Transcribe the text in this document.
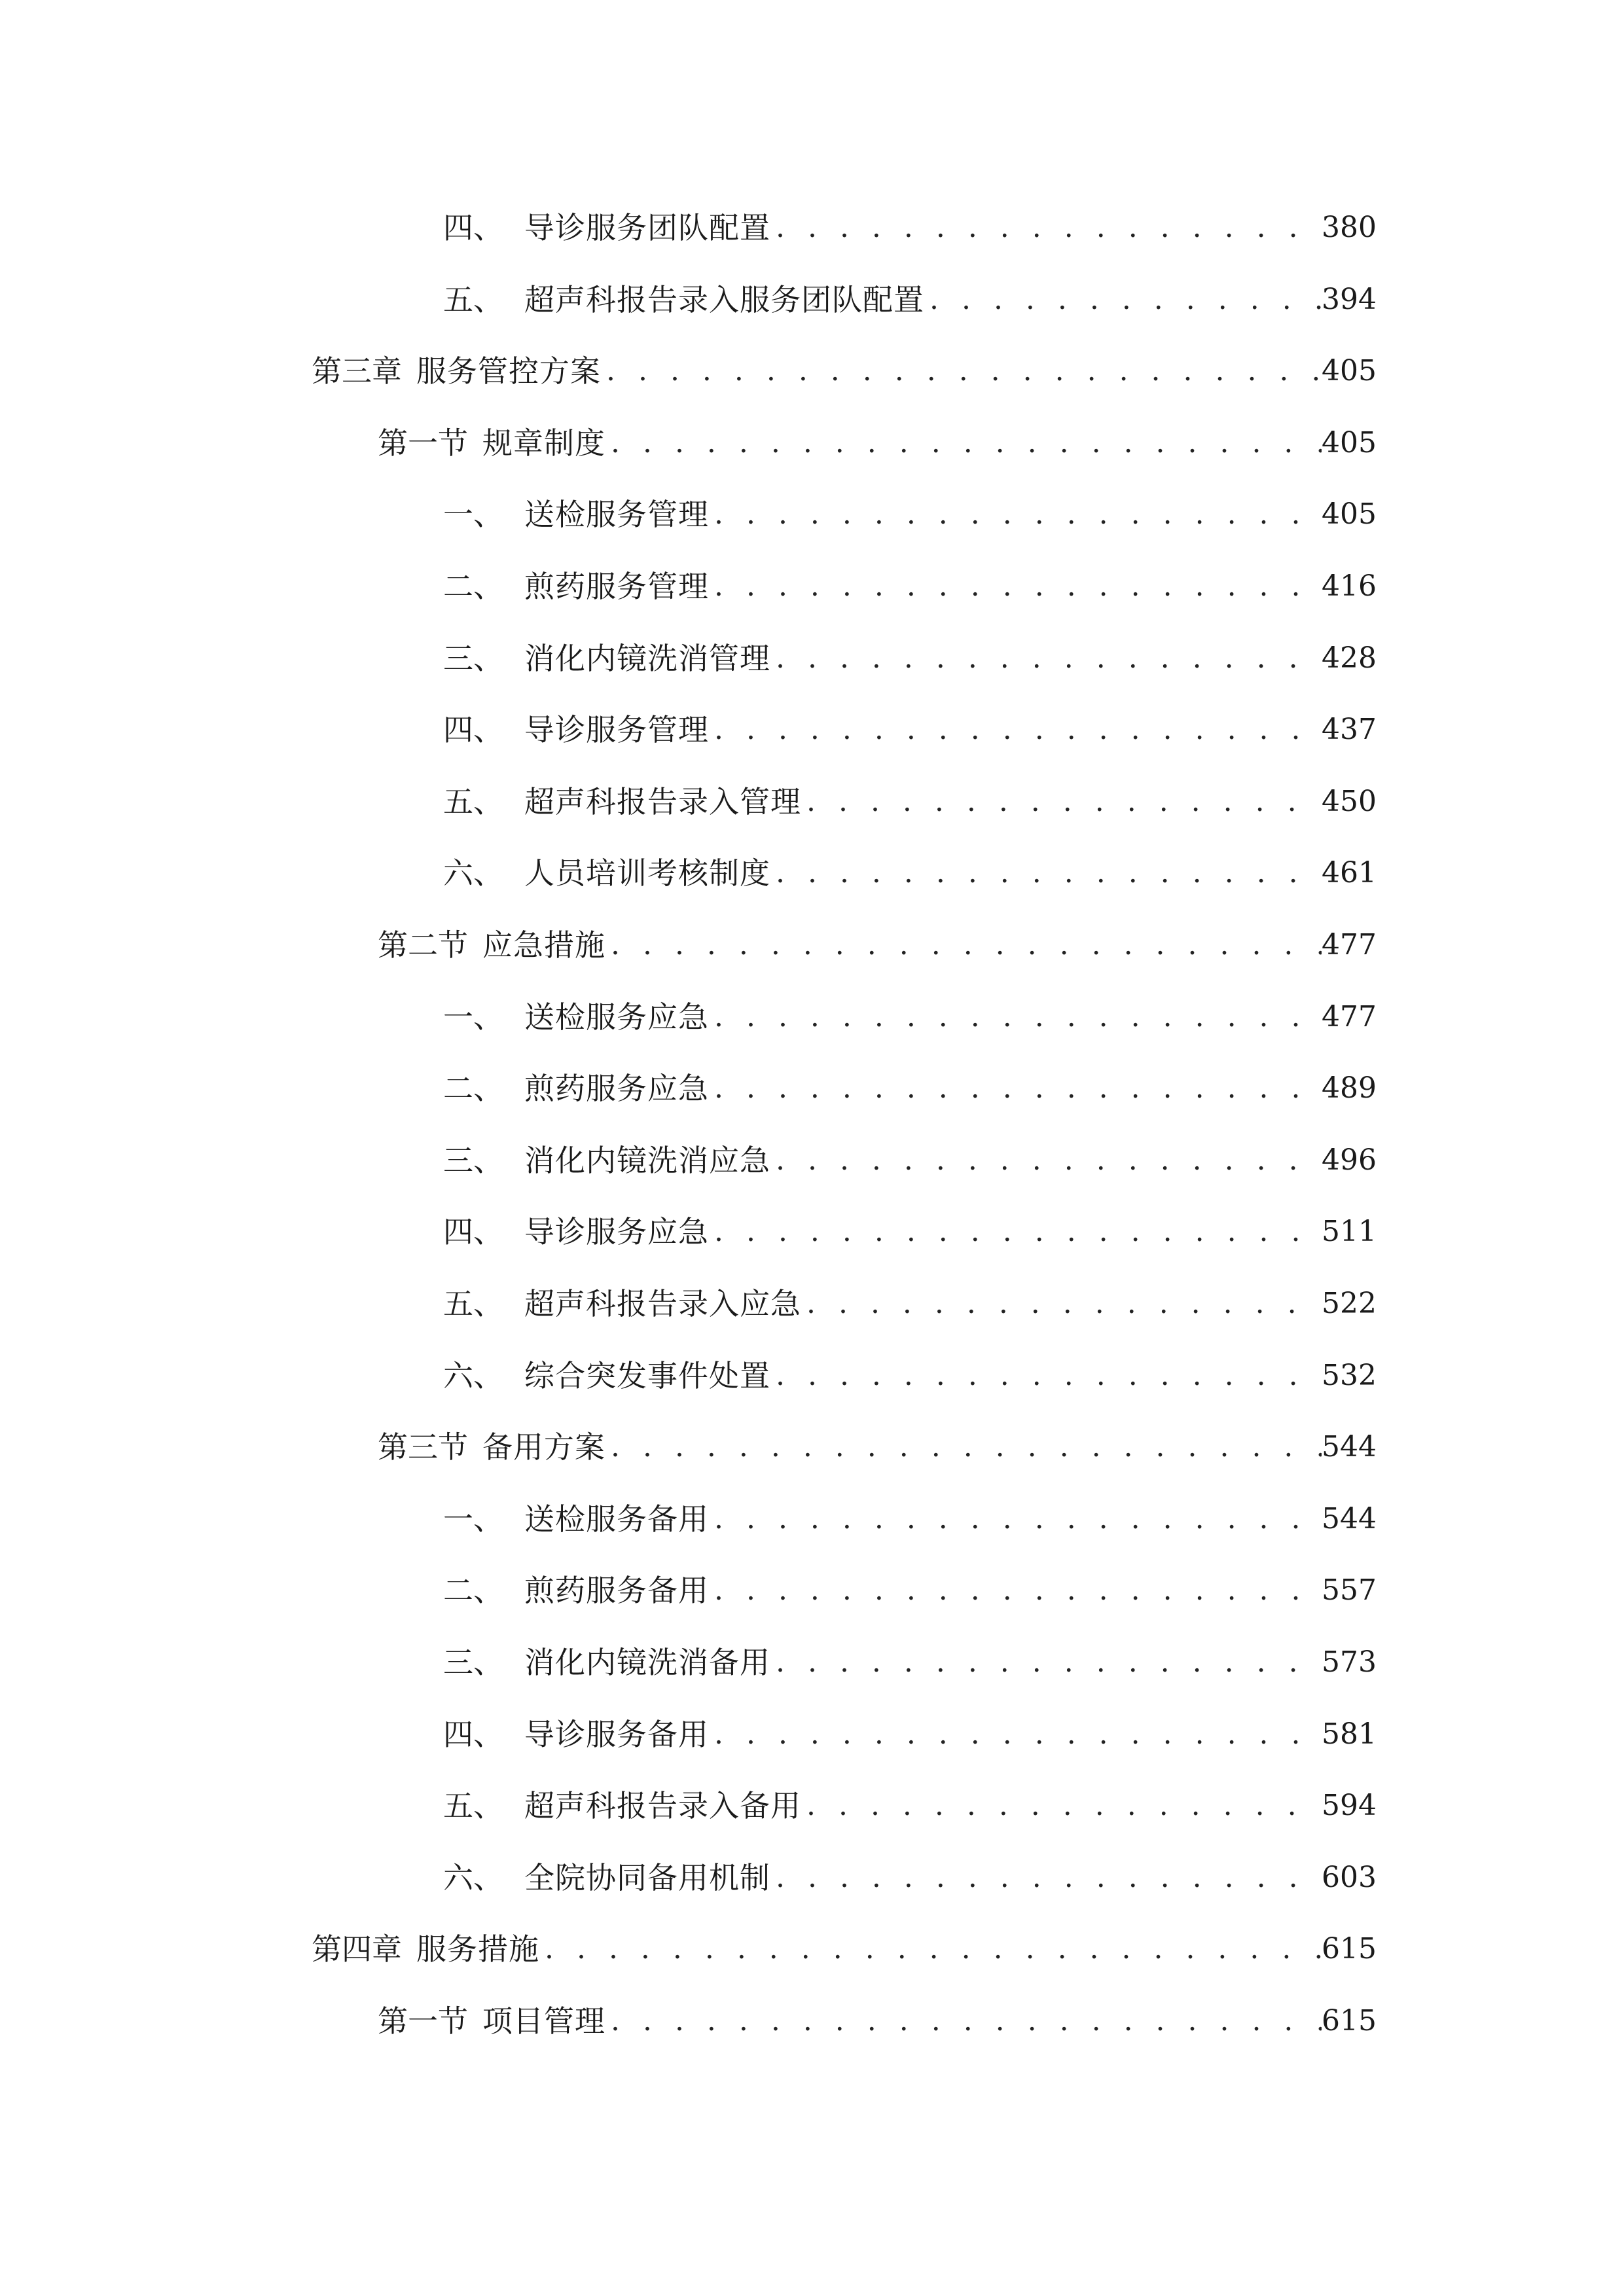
四、 导诊服务团队配置 . . .	380
五、 超声科报告录入服务团队配置 . . .	394
第三章 服务管控方案 . . .	405
第一节 规章制度 . . .	405
一、 送检服务管理 . . .	405
二、 煎药服务管理 . . .	416
三、 消化内镜洗消管理 . . .	428
四、 导诊服务管理 . . .	437
五、 超声科报告录入管理 . . .	450
六、 人员培训考核制度 . . .	461
第二节 应急措施 . . .	477
一、 送检服务应急 . . .	477
二、 煎药服务应急 . . .	489
三、 消化内镜洗消应急 . . .	496
四、 导诊服务应急 . . .	511
五、 超声科报告录入应急 . . .	522
六、 综合突发事件处置 . . .	532
第三节 备用方案 . . .	544
一、 送检服务备用 . . .	544
二、 煎药服务备用 . . .	557
三、 消化内镜洗消备用 . . .	573
四、 导诊服务备用 . . .	581
五、 超声科报告录入备用 . . .	594
六、 全院协同备用机制 . . .	603
第四章 服务措施 . . .	615
第一节 项目管理 . . .	615
